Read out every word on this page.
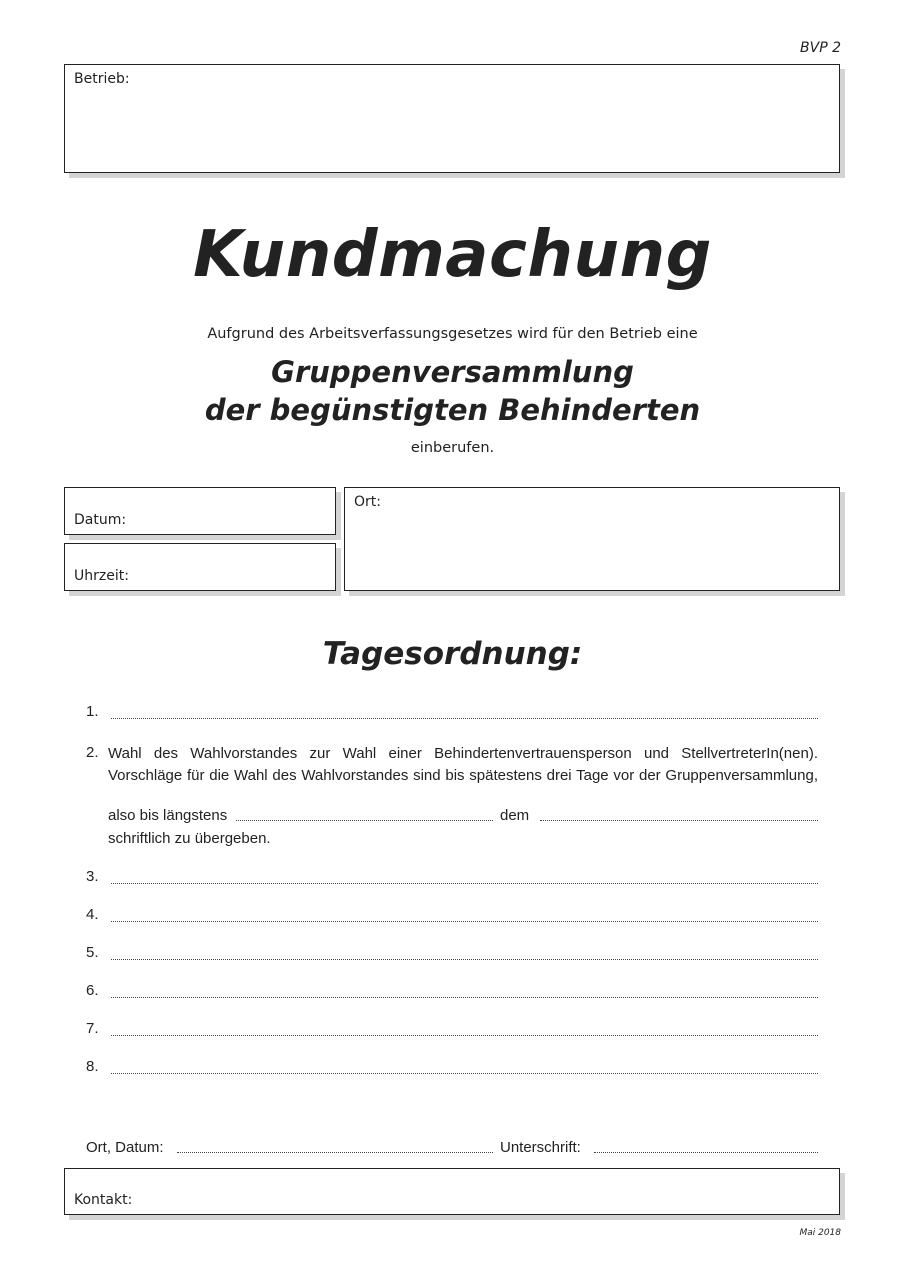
BVP 2
Betrieb:
Kundmachung
Aufgrund des Arbeitsverfassungsgesetzes wird für den Betrieb eine
Gruppenversammlung
der begünstigten Behinderten
einberufen.
Datum:
Uhrzeit:
Ort:
Tagesordnung:
1.
2. Wahl des Wahlvorstandes zur Wahl einer Behindertenvertrauensperson und StellvertreterIn(nen).
Vorschläge für die Wahl des Wahlvorstandes sind bis spätestens drei Tage vor der Gruppenversammlung,
also bis längstens	dem
schriftlich zu übergeben.
3.
4.
5.
6.
7.
8.
Ort, Datum:	Unterschrift:
Kontakt:
Mai 2018
